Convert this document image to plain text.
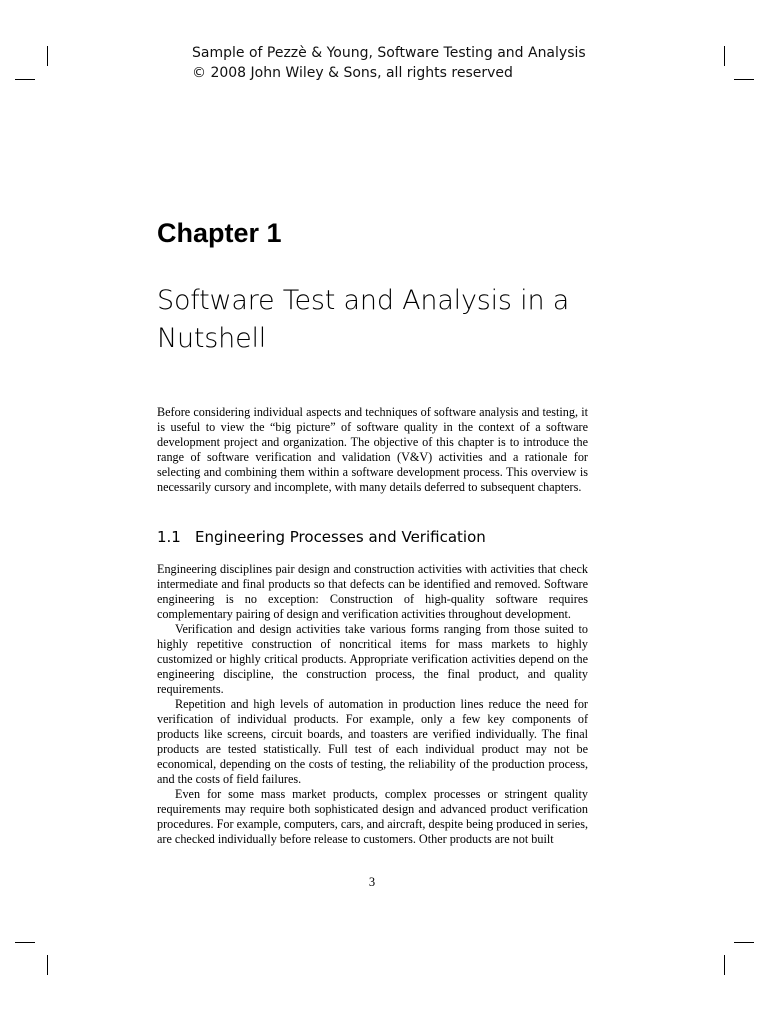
Sample of Pezzè & Young, Software Testing and Analysis
© 2008 John Wiley & Sons, all rights reserved
Chapter 1
Software Test and Analysis in a Nutshell
Before considering individual aspects and techniques of software analysis and testing, it is useful to view the “big picture” of software quality in the context of a software development project and organization. The objective of this chapter is to introduce the range of software verification and validation (V&V) activities and a rationale for selecting and combining them within a software development process. This overview is necessarily cursory and incomplete, with many details deferred to subsequent chapters.
1.1 Engineering Processes and Verification

Engineering disciplines pair design and construction activities with activities that check intermediate and final products so that defects can be identified and removed. Software engineering is no exception: Construction of high-quality software requires complementary pairing of design and verification activities throughout development.

Verification and design activities take various forms ranging from those suited to highly repetitive construction of noncritical items for mass markets to highly customized or highly critical products. Appropriate verification activities depend on the engineering discipline, the construction process, the final product, and quality requirements.

Repetition and high levels of automation in production lines reduce the need for verification of individual products. For example, only a few key components of products like screens, circuit boards, and toasters are verified individually. The final products are tested statistically. Full test of each individual product may not be economical, depending on the costs of testing, the reliability of the production process, and the costs of field failures.

Even for some mass market products, complex processes or stringent quality requirements may require both sophisticated design and advanced product verification procedures. For example, computers, cars, and aircraft, despite being produced in series, are checked individually before release to customers. Other products are not built

3
